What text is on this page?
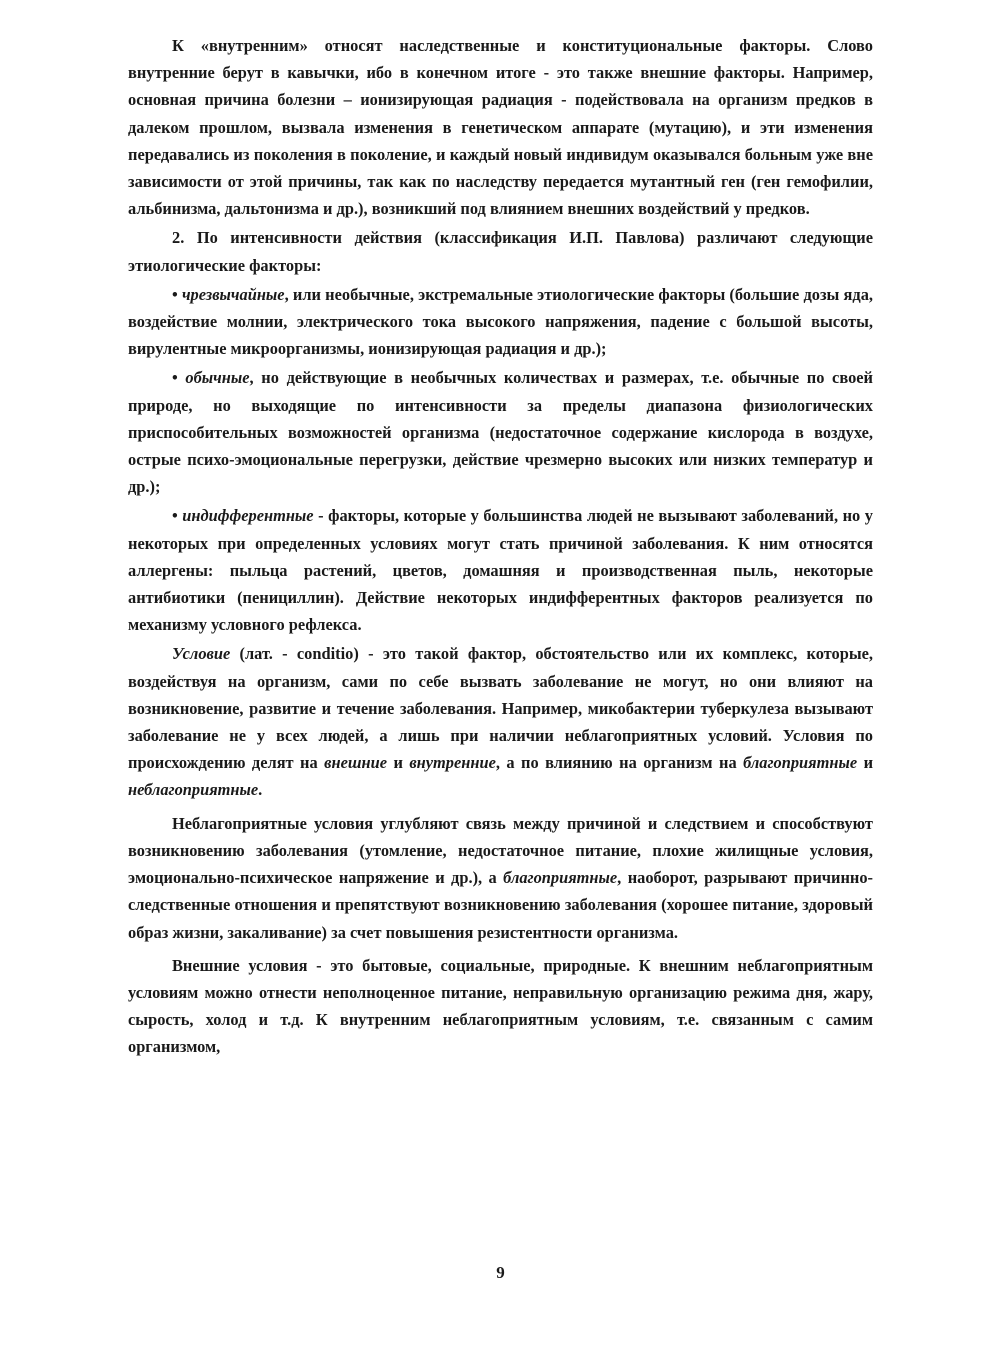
К «внутренним» относят наследственные и конституциональные факторы. Слово внутренние берут в кавычки, ибо в конечном итоге - это также внешние факторы. Например, основная причина болезни – ионизирующая радиация - подействовала на организм предков в далеком прошлом, вызвала изменения в генетическом аппарате (мутацию), и эти изменения передавались из поколения в поколение, и каждый новый индивидум оказывался больным уже вне зависимости от этой причины, так как по наследству передается мутантный ген (ген гемофилии, альбинизма, дальтонизма и др.), возникший под влиянием внешних воздействий у предков.

2. По интенсивности действия (классификация И.П. Павлова) различают следующие этиологические факторы:

• чрезвычайные, или необычные, экстремальные этиологические факторы (большие дозы яда, воздействие молнии, электрического тока высокого напряжения, падение с большой высоты, вирулентные микроорганизмы, ионизирующая радиация и др.);

• обычные, но действующие в необычных количествах и размерах, т.е. обычные по своей природе, но выходящие по интенсивности за пределы диапазона физиологических приспособительных возможностей организма (недостаточное содержание кислорода в воздухе, острые психо-эмоциональные перегрузки, действие чрезмерно высоких или низких температур и др.);

• индифферентные - факторы, которые у большинства людей не вызывают заболеваний, но у некоторых при определенных условиях могут стать причиной заболевания. К ним относятся аллергены: пыльца растений, цветов, домашняя и производственная пыль, некоторые антибиотики (пенициллин). Действие некоторых индифферентных факторов реализуется по механизму условного рефлекса.

Условие (лат. - conditio) - это такой фактор, обстоятельство или их комплекс, которые, воздействуя на организм, сами по себе вызвать заболевание не могут, но они влияют на возникновение, развитие и течение заболевания. Например, микобактерии туберкулеза вызывают заболевание не у всех людей, а лишь при наличии неблагоприятных условий. Условия по происхождению делят на внешние и внутренние, а по влиянию на организм на благоприятные и неблагоприятные.

Неблагоприятные условия углубляют связь между причиной и следствием и способствуют возникновению заболевания (утомление, недостаточное питание, плохие жилищные условия, эмоционально-психическое напряжение и др.), а благоприятные, наоборот, разрывают причинно-следственные отношения и препятствуют возникновению заболевания (хорошее питание, здоровый образ жизни, закаливание) за счет повышения резистентности организма.

Внешние условия - это бытовые, социальные, природные. К внешним неблагоприятным условиям можно отнести неполноценное питание, неправильную организацию режима дня, жару, сырость, холод и т.д. К внутренним неблагоприятным условиям, т.е. связанным с самим организмом,

9
